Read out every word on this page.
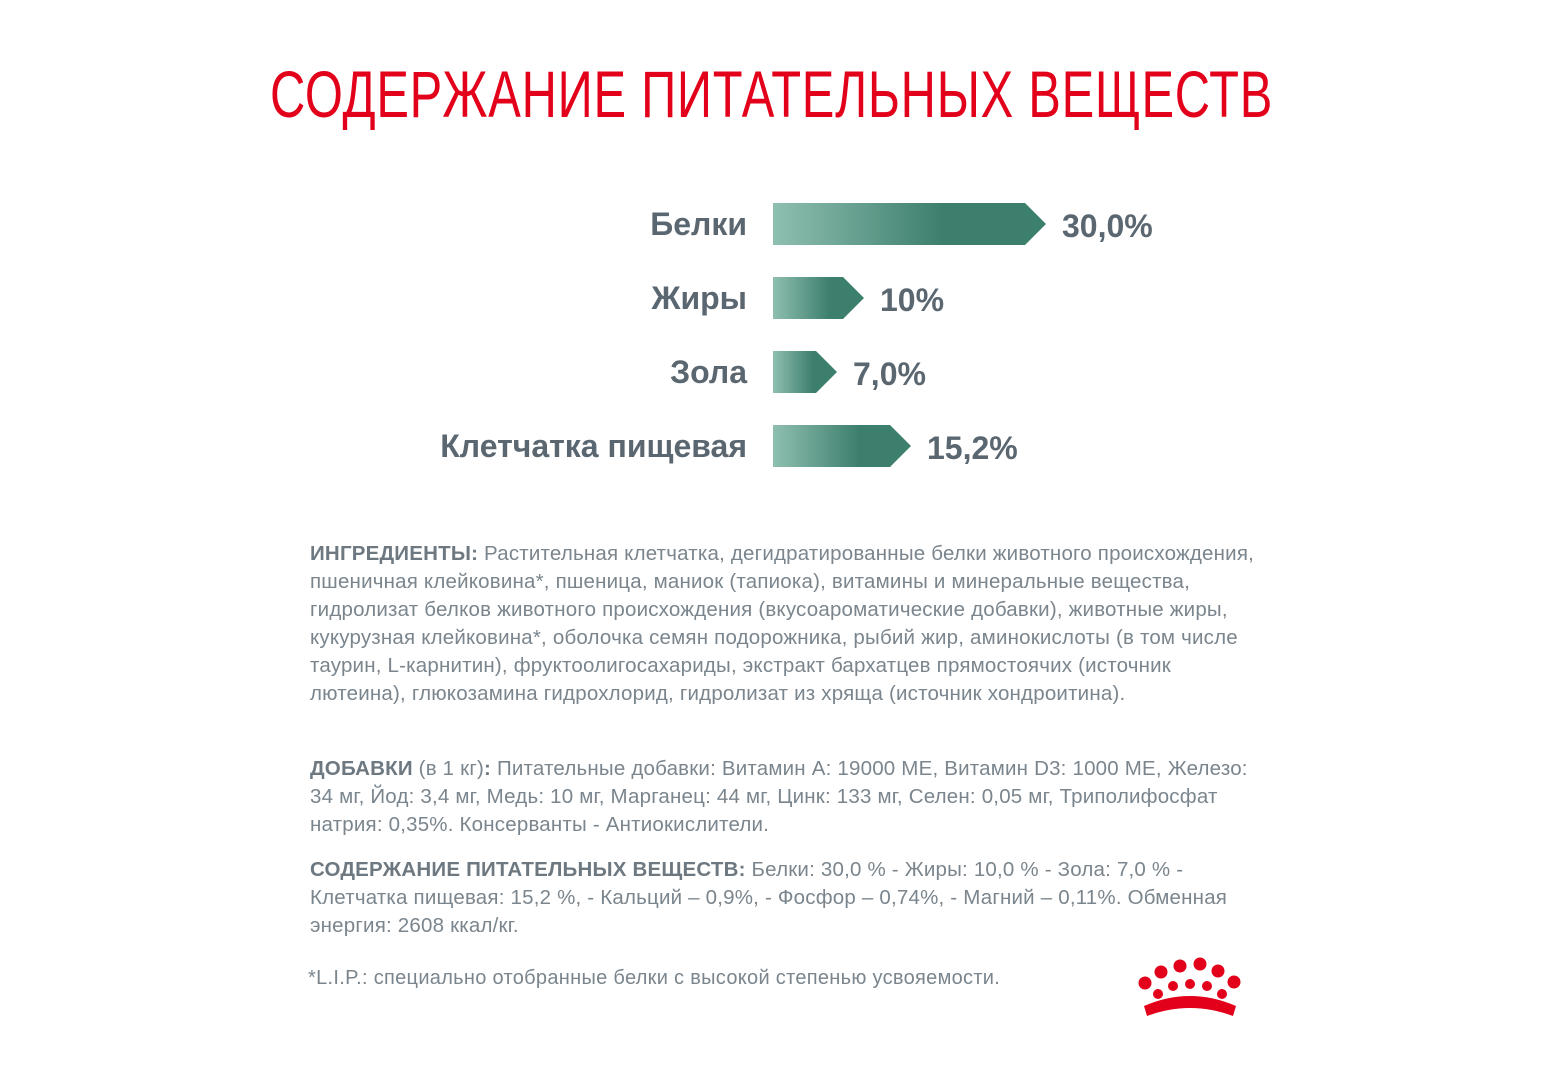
СОДЕРЖАНИЕ ПИТАТЕЛЬНЫХ ВЕЩЕСТВ
Белки	30,0%
Жиры	10%
Зола	7,0%
Клетчатка пищевая	15,2%
ИНГРЕДИЕНТЫ: Растительная клетчатка, дегидратированные белки животного происхождения, пшеничная клейковина*, пшеница, маниок (тапиока), витамины и минеральные вещества, гидролизат белков животного происхождения (вкусоароматические добавки), животные жиры, кукурузная клейковина*, оболочка семян подорожника, рыбий жир, аминокислоты (в том числе таурин, L-карнитин), фруктоолигосахариды, экстракт бархатцев прямостоячих (источник лютеина), глюкозамина гидрохлорид, гидролизат из хряща (источник хондроитина).
ДОБАВКИ (в 1 кг): Питательные добавки: Витамин A: 19000 МЕ, Витамин D3: 1000 МЕ, Железо: 34 мг, Йод: 3,4 мг, Медь: 10 мг, Марганец: 44 мг, Цинк: 133 мг, Селен: 0,05 мг, Триполифосфат натрия: 0,35%. Консерванты - Антиокислители.
СОДЕРЖАНИЕ ПИТАТЕЛЬНЫХ ВЕЩЕСТВ: Белки: 30,0 % - Жиры: 10,0 % - Зола: 7,0 % - Клетчатка пищевая: 15,2 %, - Кальций – 0,9%, - Фосфор – 0,74%, - Магний – 0,11%. Обменная энергия: 2608 ккал/кг.
*L.I.P.: специально отобранные белки с высокой степенью усвояемости.
